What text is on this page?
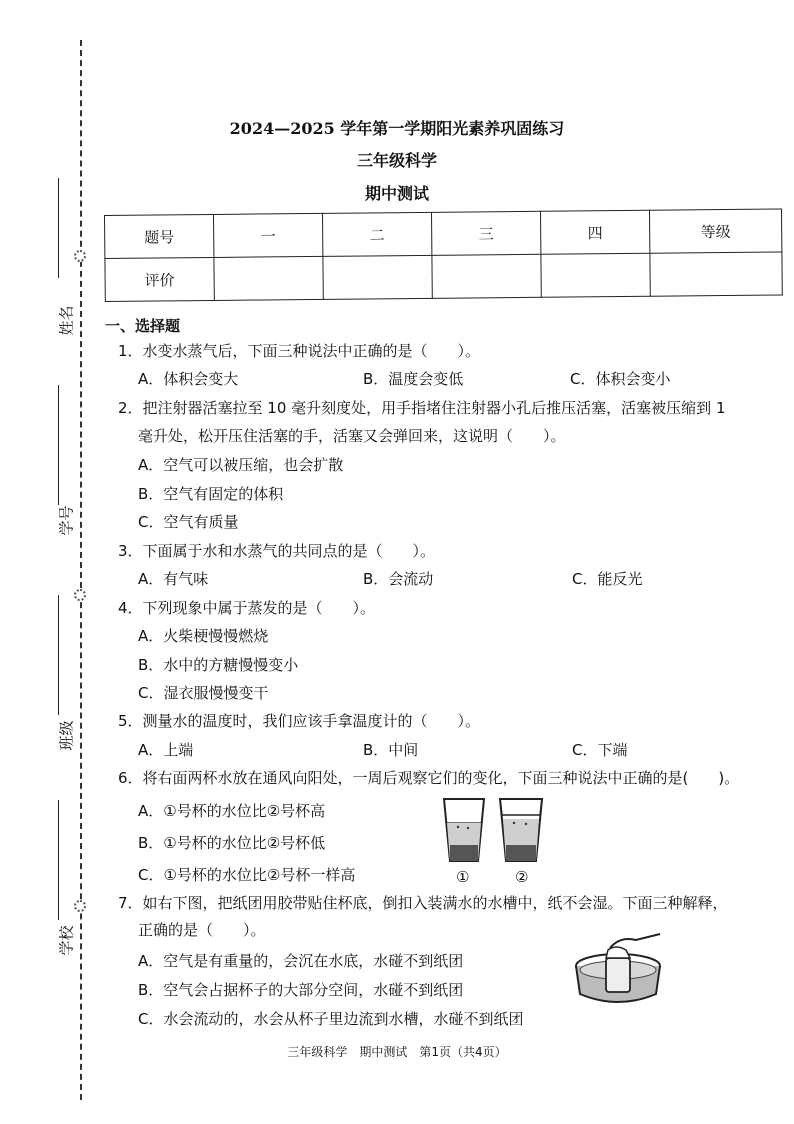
姓名
学号
班级
学校
2024—2025 学年第一学期阳光素养巩固练习
三年级科学
期中测试
题号	一	二	三	四	等级
评价					
一、选择题
1．水变水蒸气后，下面三种说法中正确的是（　　）。
A．体积会变大	B．温度会变低	C．体积会变小
2．把注射器活塞拉至 10 毫升刻度处，用手指堵住注射器小孔后推压活塞，活塞被压缩到 1
毫升处，松开压住活塞的手，活塞又会弹回来，这说明（　　）。
A．空气可以被压缩，也会扩散
B．空气有固定的体积
C．空气有质量
3．下面属于水和水蒸气的共同点的是（　　）。
A．有气味	B．会流动	C．能反光
4．下列现象中属于蒸发的是（　　）。
A．火柴梗慢慢燃烧
B．水中的方糖慢慢变小
C．湿衣服慢慢变干
5．测量水的温度时，我们应该手拿温度计的（　　）。
A．上端	B．中间	C．下端
6．将右面两杯水放在通风向阳处，一周后观察它们的变化，下面三种说法中正确的是(　　)。
A．①号杯的水位比②号杯高
B．①号杯的水位比②号杯低
C．①号杯的水位比②号杯一样高	①	②
7．如右下图，把纸团用胶带贴住杯底，倒扣入装满水的水槽中，纸不会湿。下面三种解释，
正确的是（　　）。
A．空气是有重量的，会沉在水底，水碰不到纸团
B．空气会占据杯子的大部分空间，水碰不到纸团
C．水会流动的，水会从杯子里边流到水槽，水碰不到纸团
三年级科学　期中测试　第1页（共4页）
